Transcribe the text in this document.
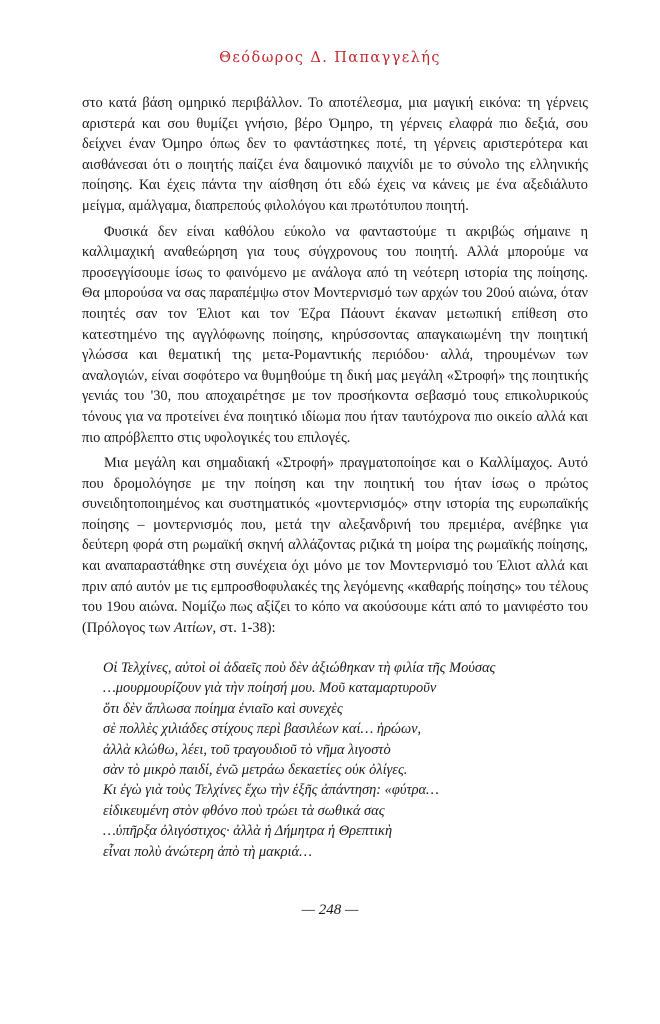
Θεόδωρος Δ. Παπαγγελής

στο κατά βάση ομηρικό περιβάλλον. Το αποτέλεσμα, μια μαγική εικόνα: τη γέρνεις αριστερά και σου θυμίζει γνήσιο, βέρο Όμηρο, τη γέρνεις ελαφρά πιο δεξιά, σου δείχνει έναν Όμηρο όπως δεν το φαντάστηκες ποτέ, τη γέρνεις αριστερότερα και αισθάνεσαι ότι ο ποιητής παίζει ένα δαιμονικό παιχνίδι με το σύνολο της ελληνικής ποίησης. Και έχεις πάντα την αίσθηση ότι εδώ έχεις να κάνεις με ένα αξεδιάλυτο μείγμα, αμάλγαμα, διαπρεπούς φιλολόγου και πρωτότυπου ποιητή.

Φυσικά δεν είναι καθόλου εύκολο να φανταστούμε τι ακριβώς σήμαινε η καλλιμαχική αναθεώρηση για τους σύγχρονους του ποιητή. Αλλά μπορούμε να προσεγγίσουμε ίσως το φαινόμενο με ανάλογα από τη νεότερη ιστορία της ποίησης. Θα μπορούσα να σας παραπέμψω στον Μοντερνισμό των αρχών του 20ού αιώνα, όταν ποιητές σαν τον Έλιοτ και τον Έζρα Πάουντ έκαναν μετωπική επίθεση στο κατεστημένο της αγγλόφωνης ποίησης, κηρύσσοντας απαγκαιωμένη την ποιητική γλώσσα και θεματική της μετα-Ρομαντικής περιόδου· αλλά, τηρουμένων των αναλογιών, είναι σοφότερο να θυμηθούμε τη δική μας μεγάλη «Στροφή» της ποιητικής γενιάς του '30, που αποχαιρέτησε με τον προσήκοντα σεβασμό τους επικολυρικούς τόνους για να προτείνει ένα ποιητικό ιδίωμα που ήταν ταυτόχρονα πιο οικείο αλλά και πιο απρόβλεπτο στις υφολογικές του επιλογές.

Μια μεγάλη και σημαδιακή «Στροφή» πραγματοποίησε και ο Καλλίμαχος. Αυτό που δρομολόγησε με την ποίηση και την ποιητική του ήταν ίσως ο πρώτος συνειδητοποιημένος και συστηματικός «μοντερνισμός» στην ιστορία της ευρωπαϊκής ποίησης – μοντερνισμός που, μετά την αλεξανδρινή του πρεμιέρα, ανέβηκε για δεύτερη φορά στη ρωμαϊκή σκηνή αλλάζοντας ριζικά τη μοίρα της ρωμαϊκής ποίησης, και αναπαραστάθηκε στη συνέχεια όχι μόνο με τον Μοντερνισμό του Έλιοτ αλλά και πριν από αυτόν με τις εμπροσθοφυλακές της λεγόμενης «καθαρής ποίησης» του τέλους του 19ου αιώνα. Νομίζω πως αξίζει το κόπο να ακούσουμε κάτι από το μανιφέστο του (Πρόλογος των Αιτίων, στ. 1-38):

Οἱ Τελχίνες, αὐτοὶ οἱ ἀδαεῖς ποὺ δὲν ἀξιώθηκαν τὴ φιλία τῆς Μούσας
…μουρμουρίζουν γιὰ τὴν ποίησή μου. Μοῦ καταμαρτυροῦν
ὅτι δὲν ἅπλωσα ποίημα ἑνιαῖο καὶ συνεχὲς
σὲ πολλὲς χιλιάδες στίχους περὶ βασιλέων καί… ἡρώων,
ἀλλὰ κλώθω, λέει, τοῦ τραγουδιοῦ τὸ νῆμα λιγοστὸ
σὰν τὸ μικρὸ παιδί, ἐνῶ μετράω δεκαετίες οὐκ ὀλίγες.
Κι ἐγὼ γιὰ τοὺς Τελχίνες ἔχω τὴν ἑξῆς ἀπάντηση: «φύτρα…
εἰδικευμένη στὸν φθόνο ποὺ τρώει τὰ σωθικά σας
…ὑπῆρξα ὀλιγόστιχος· ἀλλὰ ἡ Δήμητρα ἡ Θρεπτικὴ
εἶναι πολὺ ἀνώτερη ἀπὸ τὴ μακριά…
— 248 —
